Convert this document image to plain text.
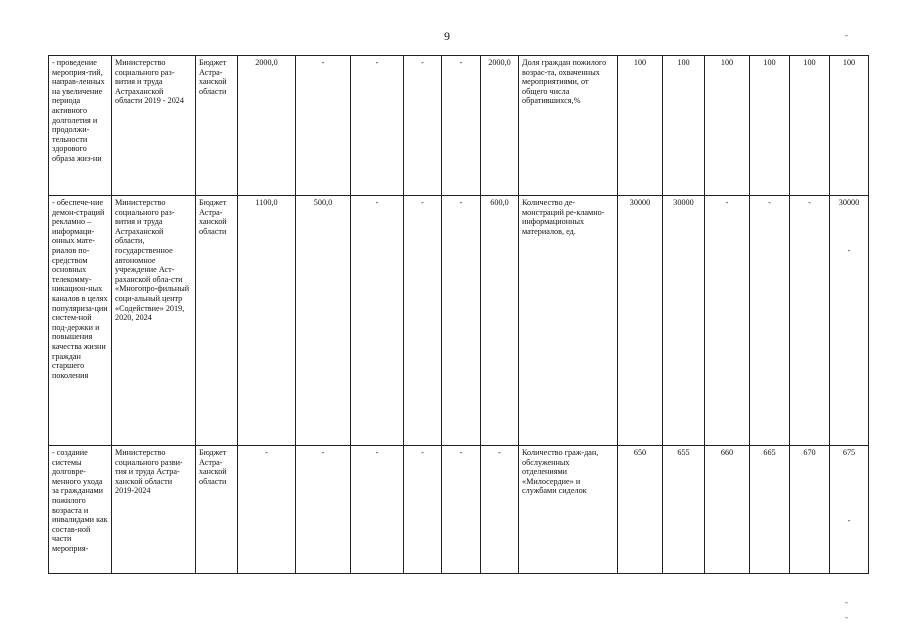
9	-
-
-
- проведение мероприя-тий, направ-ленных на увеличение периода активного долголетия и продолжи-тельности здорового образа жиз-ни	Министерство социального раз-вития и труда Астраханской области 2019 - 2024	Бюджет Астра-ханской области	2000,0	-	-	-	-	2000,0	Доля граждан пожилого возрас-та, охваченных мероприятиями, от общего числа обратившихся,%	100	100	100	100	100	100
- обеспече-ние демон-страций рекламно – информаци-онных мате-риалов по-средством основных телекомму-никацион-ных каналов в целях популяриза-ции систем-ной под-держки и повышения качества жизни граждан старшего поколения	Министерство социального раз-вития и труда Астраханской области, государственное автономное учреждение Аст-раханской обла-сти «Многопро-фильный соци-альный центр «Содействие» 2019, 2020, 2024	Бюджет Астра-ханской области	1100,0	500,0	-	-	-	600,0	Количество де-монстраций ре-кламно-информационных материалов, ед.	30000	30000	-	-	-	30000
-

- создание системы долговре-менного ухода за гражданами пожилого возраста и инвалидами как состав-ной части мероприя-	Министерство социального разви-тия и труда Астра-ханской области 2019-2024	Бюджет Астра-ханской области	-	-	-	-	-	-	Количество граж-дан, обслуженных отделениями «Милосердие» и службами сиделок	650	655	660	665	670	675
-
